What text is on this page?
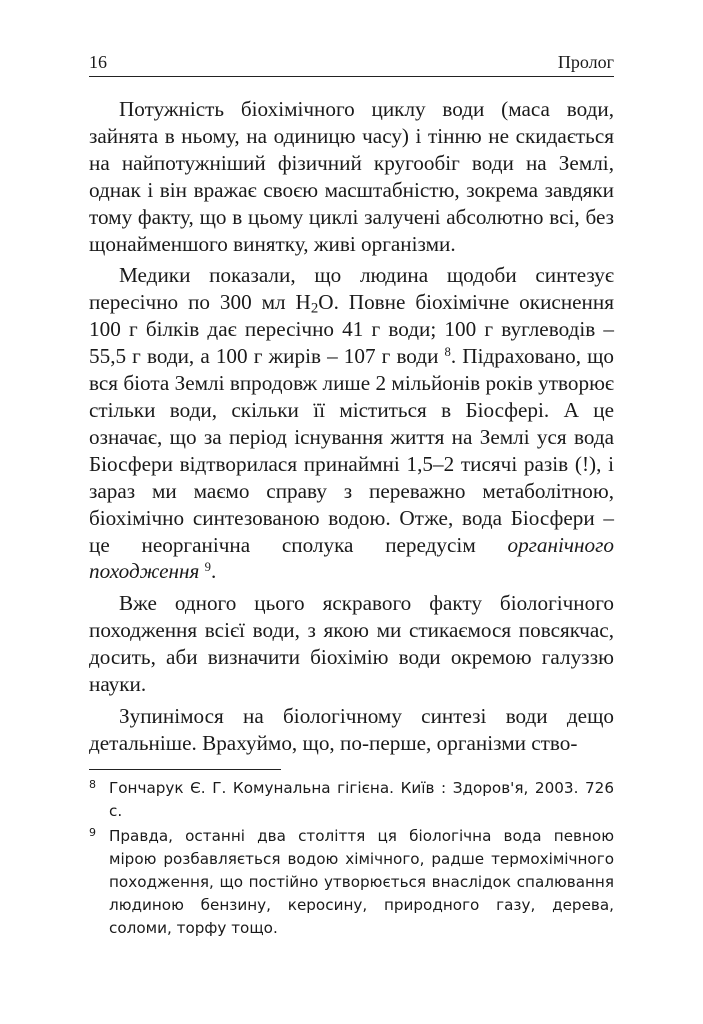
16	Пролог

Потужність біохімічного циклу води (маса води, зайнята в ньому, на одиницю часу) і тінню не скидається на найпотужніший фізичний кругообіг води на Землі, однак і він вражає своєю масштабністю, зокрема завдяки тому факту, що в цьому циклі залучені абсолютно всі, без щонайменшого винятку, живі організми.

Медики показали, що людина щодоби синтезує пересічно по 300 мл $H_2O$. Повне біохімічне окиснення 100 г білків дає пересічно 41 г води; 100 г вуглеводів – 55,5 г води, а 100 г жирів – 107 г води $^8$. Підраховано, що вся біота Землі впродовж лише 2 мільйонів років утворює стільки води, скільки її міститься в Біосфері. А це означає, що за період існування життя на Землі уся вода Біосфери відтворилася принаймні 1,5–2 тисячі разів (!), і зараз ми маємо справу з переважно метаболітною, біохімічно синтезованою водою. Отже, вода Біосфери – це неорганічна сполука передусім органічного походження $^9$.

Вже одного цього яскравого факту біологічного походження всієї води, з якою ми стикаємося повсякчас, досить, аби визначити біохімію води окремою галуззю науки.

Зупинімося на біологічному синтезі води дещо детальніше. Врахуймо, що, по-перше, організми ство-

8 Гончарук Є. Г. Комунальна гігієна. Київ : Здоров'я, 2003. 726 с.
9 Правда, останні два століття ця біологічна вода певною мірою розбавляється водою хімічного, радше термохімічного походження, що постійно утворюється внаслідок спалювання людиною бензину, керосину, природного газу, дерева, соломи, торфу тощо.
